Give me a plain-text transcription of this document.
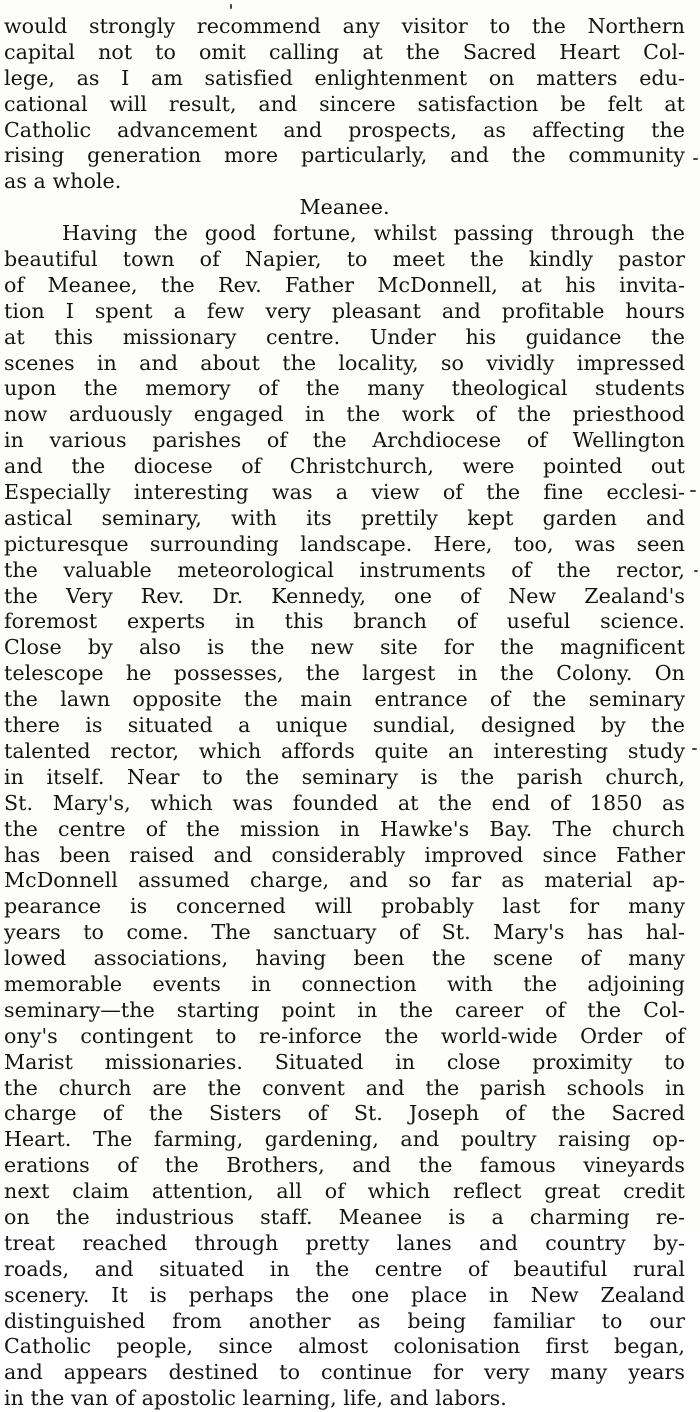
would strongly recommend any visitor to the Northern
capital not to omit calling at the Sacred Heart Col-
lege, as I am satisfied enlightenment on matters edu-
cational will result, and sincere satisfaction be felt at
Catholic advancement and prospects, as affecting the
rising generation more particularly, and the community
as a whole.
Meanee.
Having the good fortune, whilst passing through the
beautiful town of Napier, to meet the kindly pastor
of Meanee, the Rev. Father McDonnell, at his invita-
tion I spent a few very pleasant and profitable hours
at this missionary centre. Under his guidance the
scenes in and about the locality, so vividly impressed
upon the memory of the many theological students
now arduously engaged in the work of the priesthood
in various parishes of the Archdiocese of Wellington
and the diocese of Christchurch, were pointed out
Especially interesting was a view of the fine ecclesi-
astical seminary, with its prettily kept garden and
picturesque surrounding landscape. Here, too, was seen
the valuable meteorological instruments of the rector,
the Very Rev. Dr. Kennedy, one of New Zealand's
foremost experts in this branch of useful science.
Close by also is the new site for the magnificent
telescope he possesses, the largest in the Colony. On
the lawn opposite the main entrance of the seminary
there is situated a unique sundial, designed by the
talented rector, which affords quite an interesting study
in itself. Near to the seminary is the parish church,
St. Mary's, which was founded at the end of 1850 as
the centre of the mission in Hawke's Bay. The church
has been raised and considerably improved since Father
McDonnell assumed charge, and so far as material ap-
pearance is concerned will probably last for many
years to come. The sanctuary of St. Mary's has hal-
lowed associations, having been the scene of many
memorable events in connection with the adjoining
seminary—the starting point in the career of the Col-
ony's contingent to re-inforce the world-wide Order of
Marist missionaries. Situated in close proximity to
the church are the convent and the parish schools in
charge of the Sisters of St. Joseph of the Sacred
Heart. The farming, gardening, and poultry raising op-
erations of the Brothers, and the famous vineyards
next claim attention, all of which reflect great credit
on the industrious staff. Meanee is a charming re-
treat reached through pretty lanes and country by-
roads, and situated in the centre of beautiful rural
scenery. It is perhaps the one place in New Zealand
distinguished from another as being familiar to our
Catholic people, since almost colonisation first began,
and appears destined to continue for very many years
in the van of apostolic learning, life, and labors.
